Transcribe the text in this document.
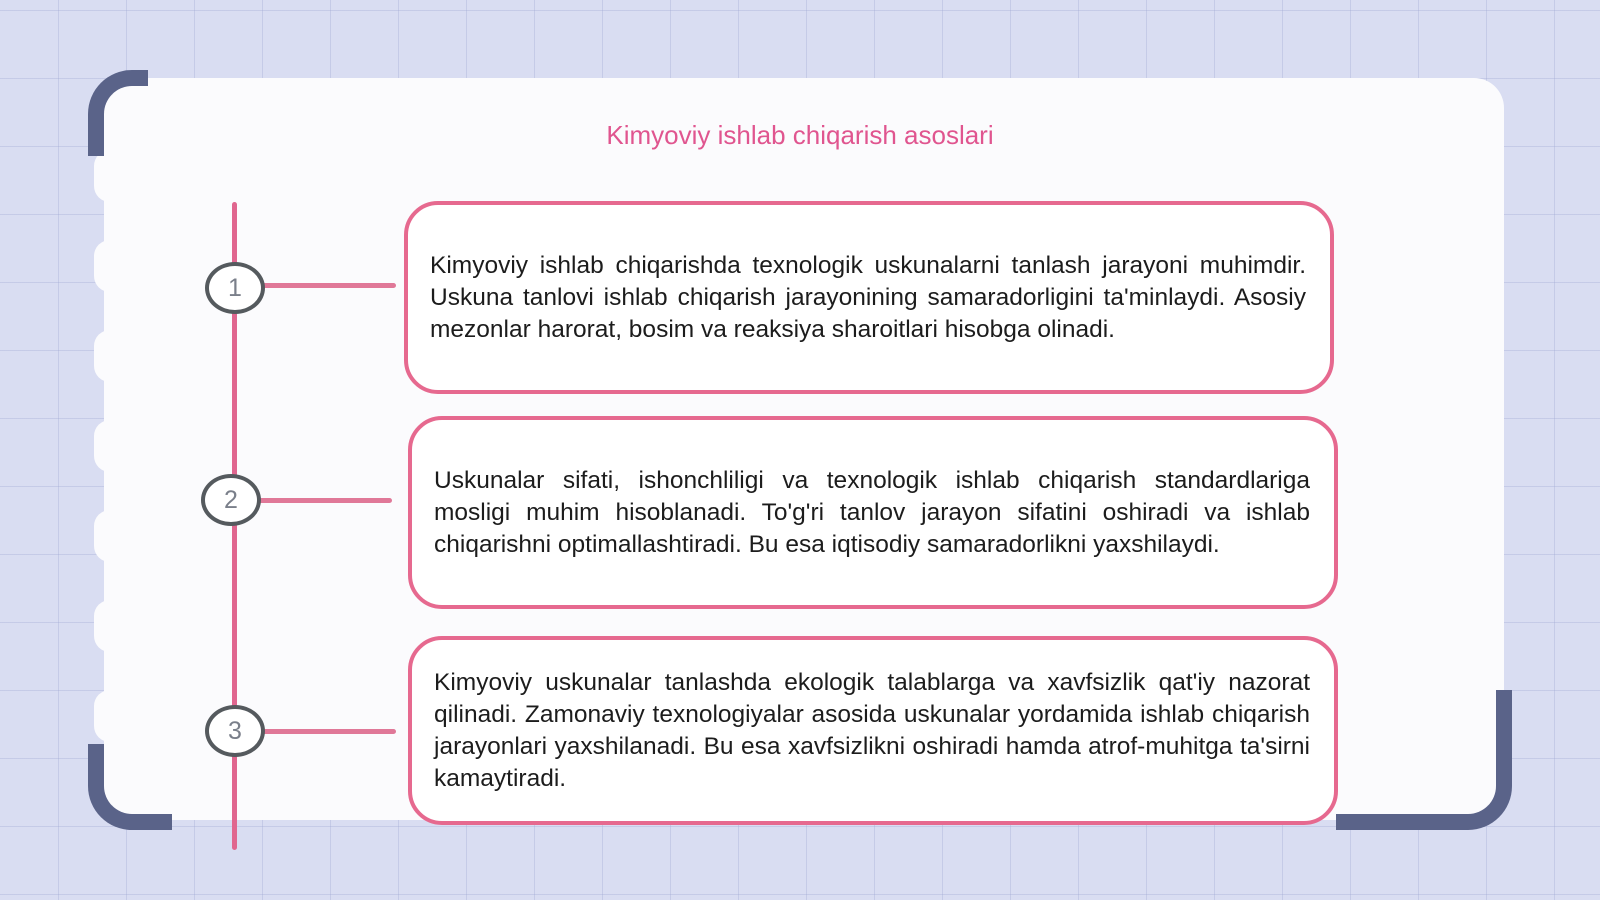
Kimyoviy ishlab chiqarish asoslari
1
2
3

Kimyoviy ishlab chiqarishda texnologik uskunalarni tanlash jarayoni muhimdir. Uskuna tanlovi ishlab chiqarish jarayonining samaradorligini ta'minlaydi. Asosiy mezonlar harorat, bosim va reaksiya sharoitlari hisobga olinadi.

Uskunalar sifati, ishonchliligi va texnologik ishlab chiqarish standardlariga mosligi muhim hisoblanadi. To'g'ri tanlov jarayon sifatini oshiradi va ishlab chiqarishni optimallashtiradi. Bu esa iqtisodiy samaradorlikni yaxshilaydi.

Kimyoviy uskunalar tanlashda ekologik talablarga va xavfsizlik qat'iy nazorat qilinadi. Zamonaviy texnologiyalar asosida uskunalar yordamida ishlab chiqarish jarayonlari yaxshilanadi. Bu esa xavfsizlikni oshiradi hamda atrof-muhitga ta'sirni kamaytiradi.
